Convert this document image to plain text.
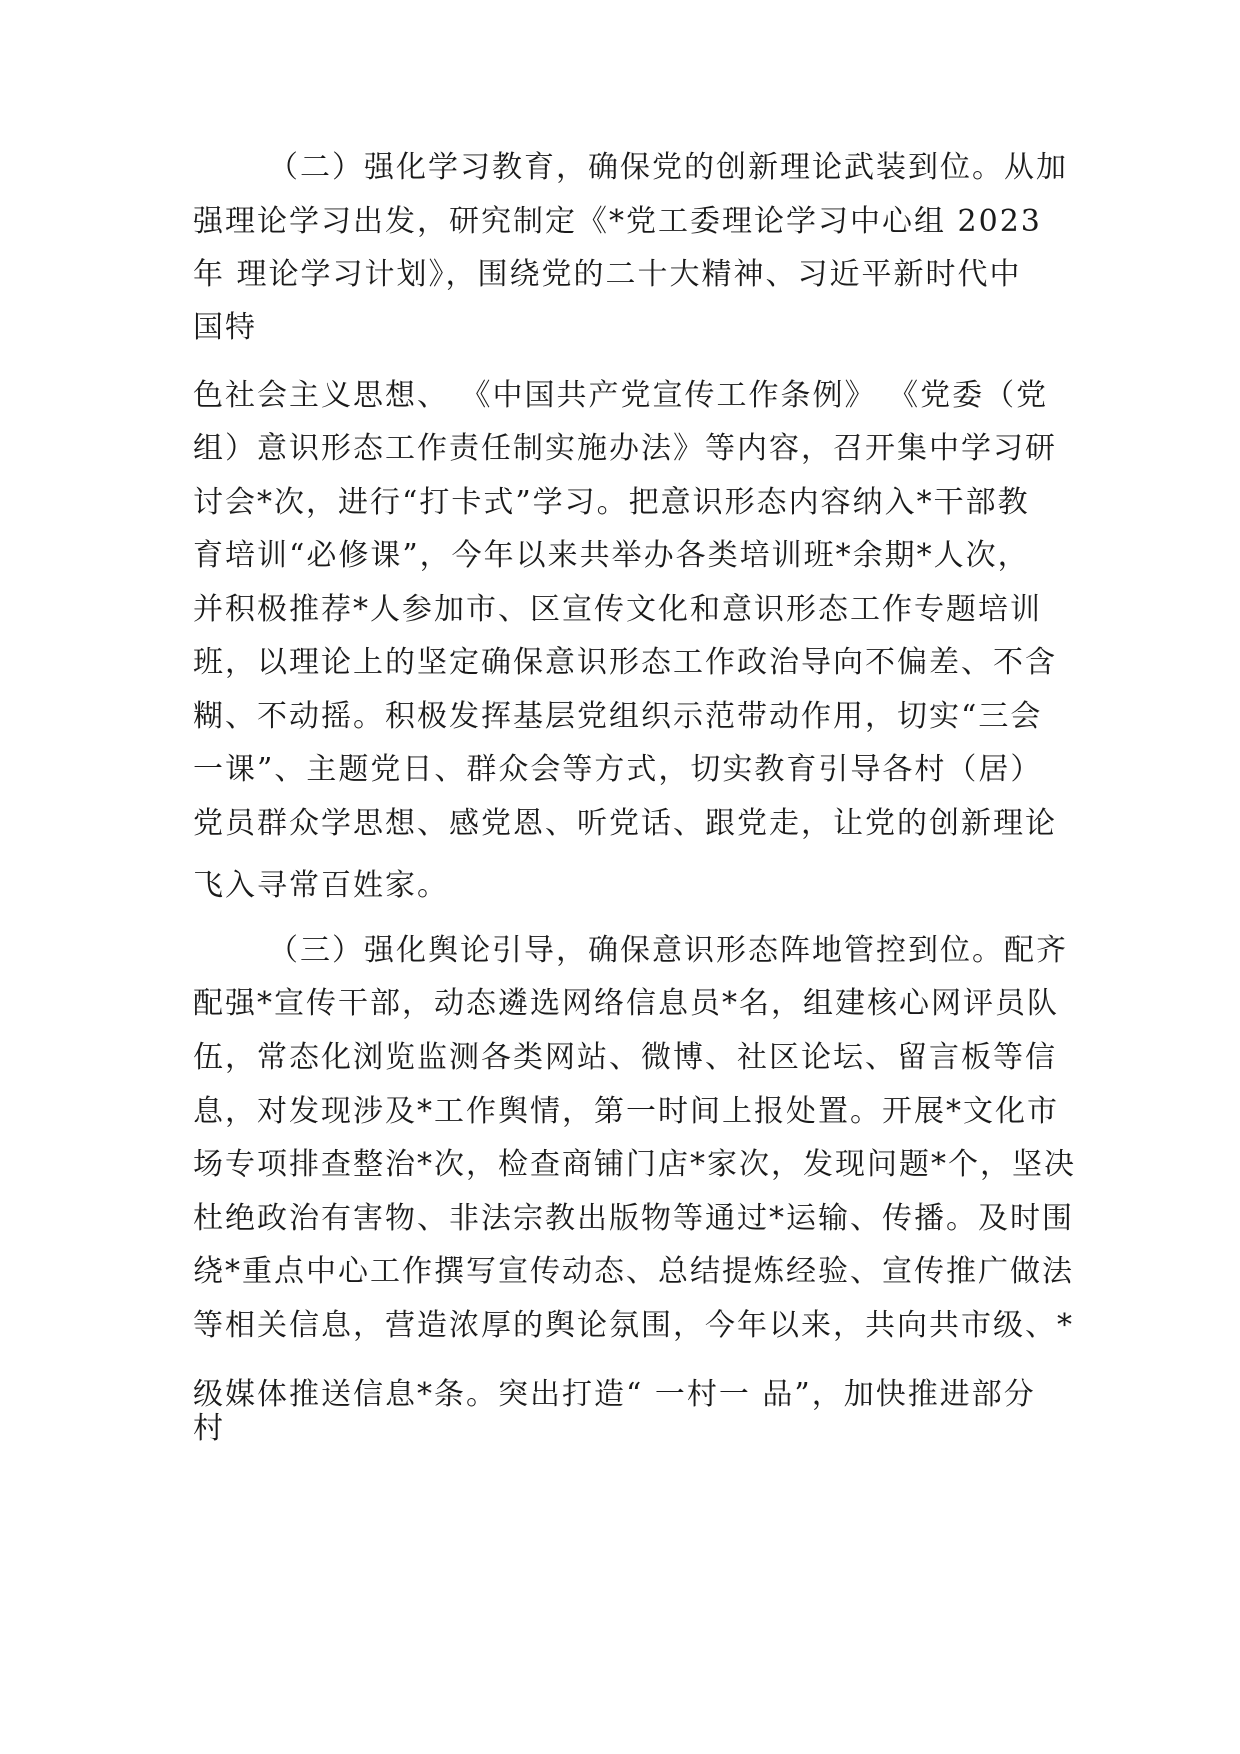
（二）强化学习教育，确保党的创新理论武装到位。从加
强理论学习出发，研究制定《*党工委理论学习中心组 2023
年 理论学习计划》，围绕党的二十大精神、习近平新时代中
国特
色社会主义思想、 《中国共产党宣传工作条例》 《党委（党
组）意识形态工作责任制实施办法》等内容，召开集中学习研
讨会*次，进行“打卡式”学习。把意识形态内容纳入*干部教
育培训“必修课”，今年以来共举办各类培训班*余期*人次，
并积极推荐*人参加市、区宣传文化和意识形态工作专题培训
班，以理论上的坚定确保意识形态工作政治导向不偏差、不含
糊、不动摇。积极发挥基层党组织示范带动作用，切实“三会
一课”、主题党日、群众会等方式，切实教育引导各村（居）
党员群众学思想、感党恩、听党话、跟党走，让党的创新理论
飞入寻常百姓家。
（三）强化舆论引导，确保意识形态阵地管控到位。配齐
配强*宣传干部，动态遴选网络信息员*名，组建核心网评员队
伍，常态化浏览监测各类网站、微博、社区论坛、留言板等信
息，对发现涉及*工作舆情，第一时间上报处置。开展*文化市
场专项排查整治*次，检查商铺门店*家次，发现问题*个，坚决
杜绝政治有害物、非法宗教出版物等通过*运输、传播。及时围
绕*重点中心工作撰写宣传动态、总结提炼经验、宣传推广做法
等相关信息，营造浓厚的舆论氛围，今年以来，共向共市级、*
级媒体推送信息*条。突出打造“ 一村一 品”，加快推进部分
村
